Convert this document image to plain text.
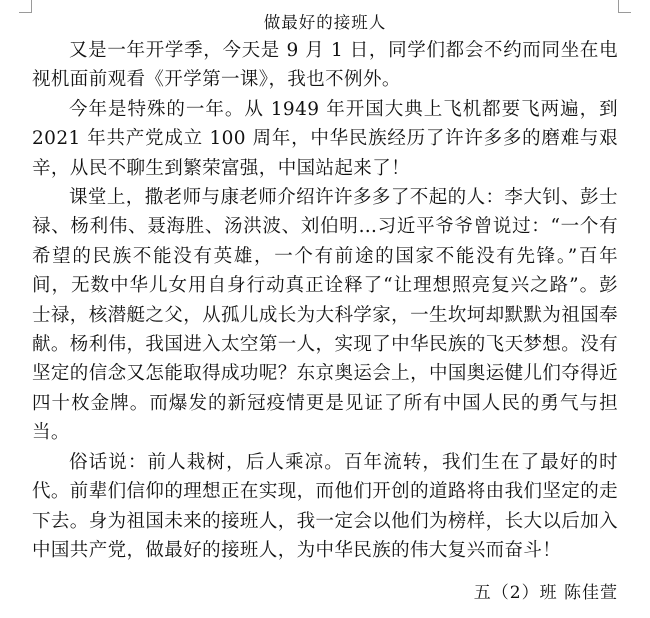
做最好的接班人

又是一年开学季，今天是 9 月 1 日，同学们都会不约而同坐在电视机面前观看《开学第一课》，我也不例外。

今年是特殊的一年。从 1949 年开国大典上飞机都要飞两遍，到 2021 年共产党成立 100 周年，中华民族经历了许许多多的磨难与艰辛，从民不聊生到繁荣富强，中国站起来了！

课堂上，撒老师与康老师介绍许许多多了不起的人：李大钊、彭士禄、杨利伟、聂海胜、汤洪波、刘伯明…习近平爷爷曾说过：“一个有希望的民族不能没有英雄，一个有前途的国家不能没有先锋。”百年间，无数中华儿女用自身行动真正诠释了“让理想照亮复兴之路”。彭士禄，核潜艇之父，从孤儿成长为大科学家，一生坎坷却默默为祖国奉献。杨利伟，我国进入太空第一人，实现了中华民族的飞天梦想。没有坚定的信念又怎能取得成功呢？东京奥运会上，中国奥运健儿们夺得近四十枚金牌。而爆发的新冠疫情更是见证了所有中国人民的勇气与担当。

俗话说：前人栽树，后人乘凉。百年流转，我们生在了最好的时代。前辈们信仰的理想正在实现，而他们开创的道路将由我们坚定的走下去。身为祖国未来的接班人，我一定会以他们为榜样，长大以后加入中国共产党，做最好的接班人，为中华民族的伟大复兴而奋斗！

五（2）班 陈佳萱
